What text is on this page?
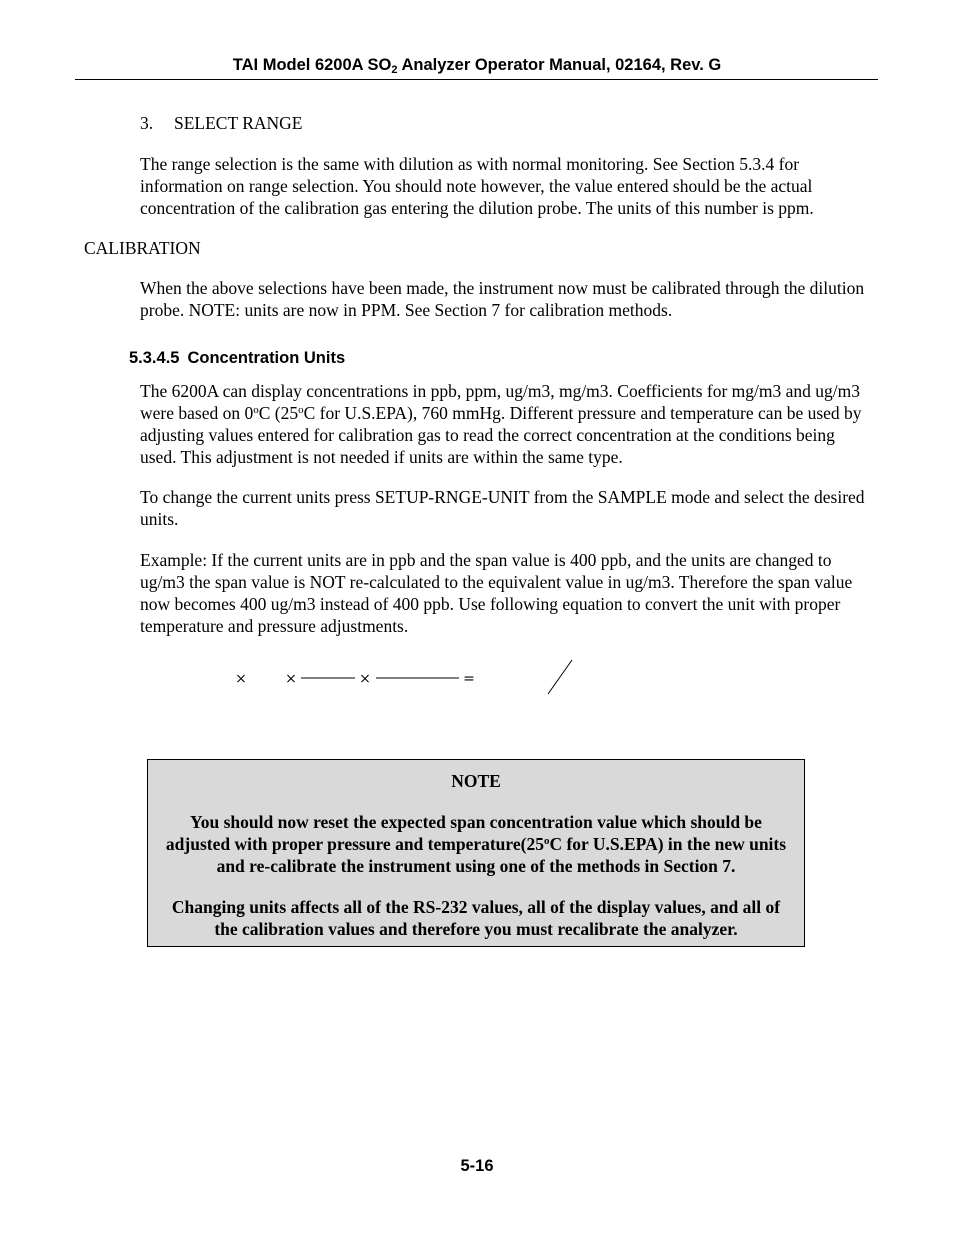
TAI Model 6200A $SO_2$ Analyzer Operator Manual, 02164, Rev. G
3. SELECT RANGE

The range selection is the same with dilution as with normal monitoring. See Section 5.3.4 for information on range selection. You should note however, the value entered should be the actual concentration of the calibration gas entering the dilution probe. The units of this number is ppm.

CALIBRATION

When the above selections have been made, the instrument now must be calibrated through the dilution probe. NOTE: units are now in PPM. See Section 7 for calibration methods.

5.3.4.5 Concentration Units

The 6200A can display concentrations in ppb, ppm, ug/m3, mg/m3. Coefficients for mg/m3 and ug/m3 were based on 0$^o$C (25$^o$C for U.S.EPA), 760 mmHg. Different pressure and temperature can be used by adjusting values entered for calibration gas to read the correct concentration at the conditions being used. This adjustment is not needed if units are within the same type.

To change the current units press SETUP-RNGE-UNIT from the SAMPLE mode and select the desired units.

Example: If the current units are in ppb and the span value is 400 ppb, and the units are changed to ug/m3 the span value is NOT re-calculated to the equivalent value in ug/m3. Therefore the span value now becomes 400 ug/m3 instead of 400 ppb. Use following equation to convert the unit with proper temperature and pressure adjustments.

×	×	×	=
NOTE
You should now reset the expected span concentration value which should be adjusted with proper pressure and temperature(25$^o$C for U.S.EPA) in the new units and re-calibrate the instrument using one of the methods in Section 7.
Changing units affects all of the RS-232 values, all of the display values, and all of the calibration values and therefore you must recalibrate the analyzer.
5-16
